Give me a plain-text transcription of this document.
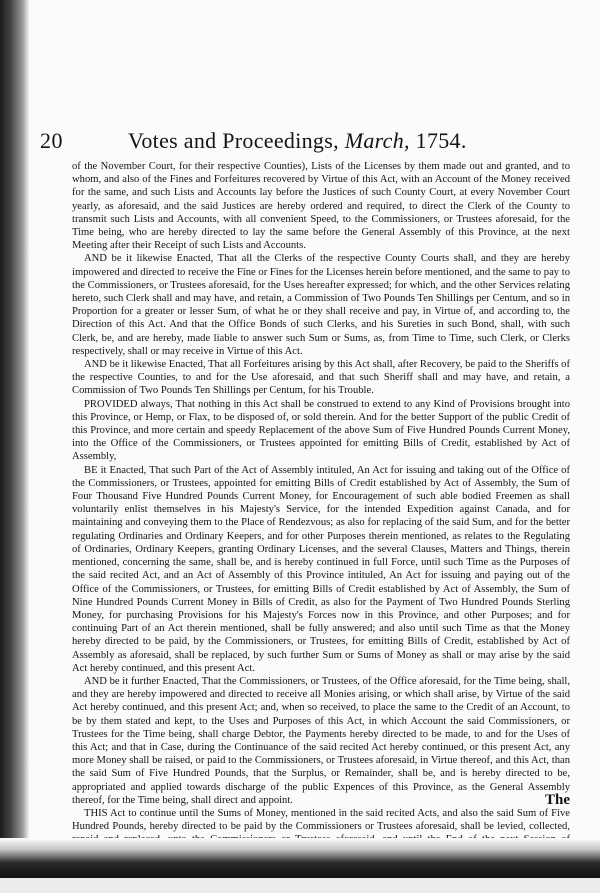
20	Votes and Proceedings, March, 1754.

of the November Court, for their respective Counties), Lists of the Licenses by them made out and granted, and to whom, and also of the Fines and Forfeitures recovered by Virtue of this Act, with an Account of the Money received for the same, and such Lists and Accounts lay before the Justices of such County Court, at every November Court yearly, as aforesaid, and the said Justices are hereby ordered and required, to direct the Clerk of the County to transmit such Lists and Accounts, with all convenient Speed, to the Commissioners, or Trustees aforesaid, for the Time being, who are hereby directed to lay the same before the General Assembly of this Province, at the next Meeting after their Receipt of such Lists and Accounts.

AND be it likewise Enacted, That all the Clerks of the respective County Courts shall, and they are hereby impowered and directed to receive the Fine or Fines for the Licenses herein before mentioned, and the same to pay to the Commissioners, or Trustees aforesaid, for the Uses hereafter expressed; for which, and the other Services relating hereto, such Clerk shall and may have, and retain, a Commission of Two Pounds Ten Shillings per Centum, and so in Proportion for a greater or lesser Sum, of what he or they shall receive and pay, in Virtue of, and according to, the Direction of this Act. And that the Office Bonds of such Clerks, and his Sureties in such Bond, shall, with such Clerk, be, and are hereby, made liable to answer such Sum or Sums, as, from Time to Time, such Clerk, or Clerks respectively, shall or may receive in Virtue of this Act.

AND be it likewise Enacted, That all Forfeitures arising by this Act shall, after Recovery, be paid to the Sheriffs of the respective Counties, to and for the Use aforesaid, and that such Sheriff shall and may have, and retain, a Commission of Two Pounds Ten Shillings per Centum, for his Trouble.

PROVIDED always, That nothing in this Act shall be construed to extend to any Kind of Provisions brought into this Province, or Hemp, or Flax, to be disposed of, or sold therein. And for the better Support of the public Credit of this Province, and more certain and speedy Replacement of the above Sum of Five Hundred Pounds Current Money, into the Office of the Commissioners, or Trustees appointed for emitting Bills of Credit, established by Act of Assembly,

BE it Enacted, That such Part of the Act of Assembly intituled, An Act for issuing and taking out of the Office of the Commissioners, or Trustees, appointed for emitting Bills of Credit established by Act of Assembly, the Sum of Four Thousand Five Hundred Pounds Current Money, for Encouragement of such able bodied Freemen as shall voluntarily enlist themselves in his Majesty's Service, for the intended Expedition against Canada, and for maintaining and conveying them to the Place of Rendezvous; as also for replacing of the said Sum, and for the better regulating Ordinaries and Ordinary Keepers, and for other Purposes therein mentioned, as relates to the Regulating of Ordinaries, Ordinary Keepers, granting Ordinary Licenses, and the several Clauses, Matters and Things, therein mentioned, concerning the same, shall be, and is hereby continued in full Force, until such Time as the Purposes of the said recited Act, and an Act of Assembly of this Province intituled, An Act for issuing and paying out of the Office of the Commissioners, or Trustees, for emitting Bills of Credit established by Act of Assembly, the Sum of Nine Hundred Pounds Current Money in Bills of Credit, as also for the Payment of Two Hundred Pounds Sterling Money, for purchasing Provisions for his Majesty's Forces now in this Province, and other Purposes; and for continuing Part of an Act therein mentioned, shall be fully answered; and also until such Time as that the Money hereby directed to be paid, by the Commissioners, or Trustees, for emitting Bills of Credit, established by Act of Assembly as aforesaid, shall be replaced, by such further Sum or Sums of Money as shall or may arise by the said Act hereby continued, and this present Act.

AND be it further Enacted, That the Commissioners, or Trustees, of the Office aforesaid, for the Time being, shall, and they are hereby impowered and directed to receive all Monies arising, or which shall arise, by Virtue of the said Act hereby continued, and this present Act; and, when so received, to place the same to the Credit of an Account, to be by them stated and kept, to the Uses and Purposes of this Act, in which Account the said Commissioners, or Trustees for the Time being, shall charge Debtor, the Payments hereby directed to be made, to and for the Uses of this Act; and that in Case, during the Continuance of the said recited Act hereby continued, or this present Act, any more Money shall be raised, or paid to the Commissioners, or Trustees aforesaid, in Virtue thereof, and this Act, than the said Sum of Five Hundred Pounds, that the Surplus, or Remainder, shall be, and is hereby directed to be, appropriated and applied towards discharge of the public Expences of this Province, as the General Assembly thereof, for the Time being, shall direct and appoint.

THIS Act to continue until the Sums of Money, mentioned in the said recited Acts, and also the said Sum of Five Hundred Pounds, hereby directed to be paid by the Commissioners or Trustees aforesaid, shall be levied, collected,

The
